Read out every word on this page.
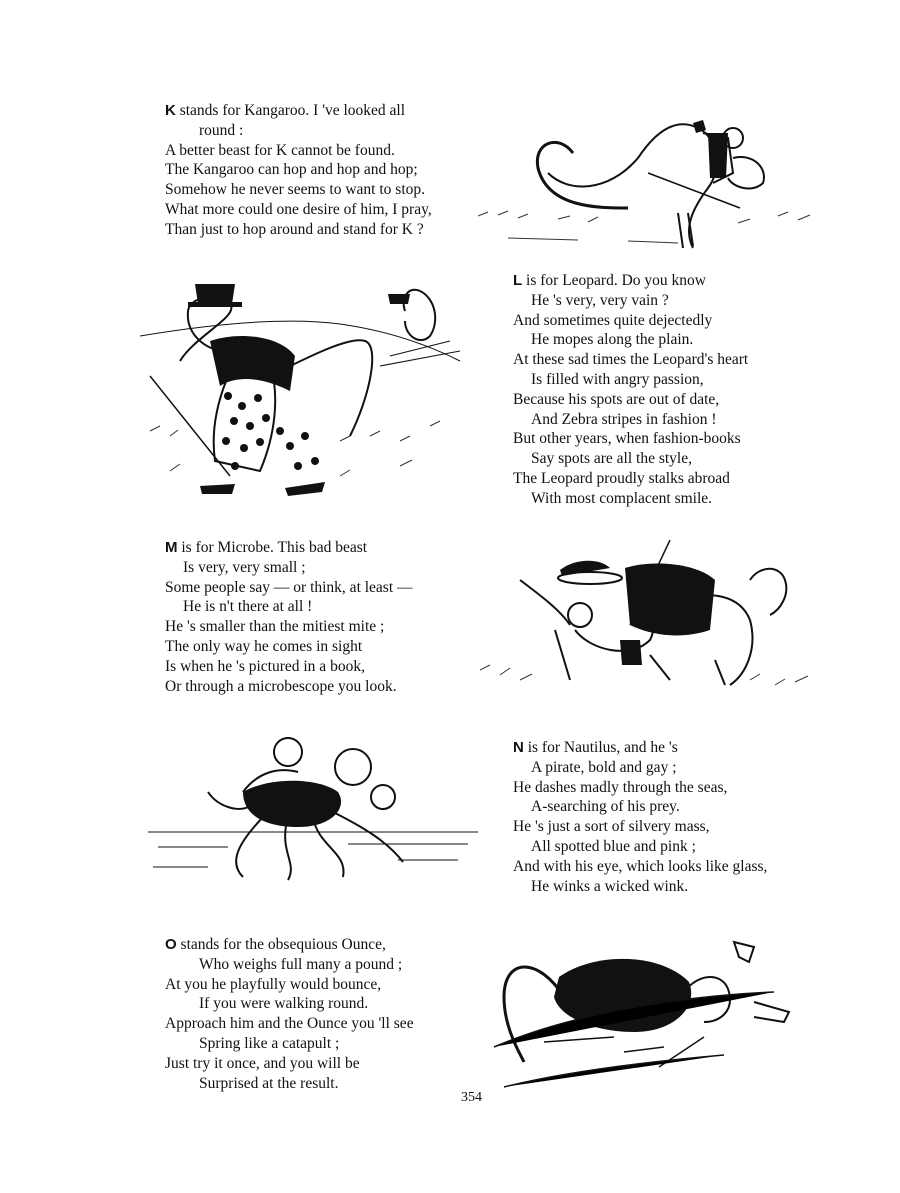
K stands for Kangaroo. I 've looked all
round :
A better beast for K cannot be found.
The Kangaroo can hop and hop and hop;
Somehow he never seems to want to stop.
What more could one desire of him, I pray,
Than just to hop around and stand for K ?
L is for Leopard. Do you know
He 's very, very vain ?
And sometimes quite dejectedly
He mopes along the plain.
At these sad times the Leopard's heart
Is filled with angry passion,
Because his spots are out of date,
And Zebra stripes in fashion !
But other years, when fashion-books
Say spots are all the style,
The Leopard proudly stalks abroad
With most complacent smile.
M is for Microbe. This bad beast
Is very, very small ;
Some people say — or think, at least —
He is n't there at all !
He 's smaller than the mitiest mite ;
The only way he comes in sight
Is when he 's pictured in a book,
Or through a microbescope you look.
N is for Nautilus, and he 's
A pirate, bold and gay ;
He dashes madly through the seas,
A-searching of his prey.
He 's just a sort of silvery mass,
All spotted blue and pink ;
And with his eye, which looks like glass,
He winks a wicked wink.
O stands for the obsequious Ounce,
Who weighs full many a pound ;
At you he playfully would bounce,
If you were walking round.
Approach him and the Ounce you 'll see
Spring like a catapult ;
Just try it once, and you will be
Surprised at the result.
354
